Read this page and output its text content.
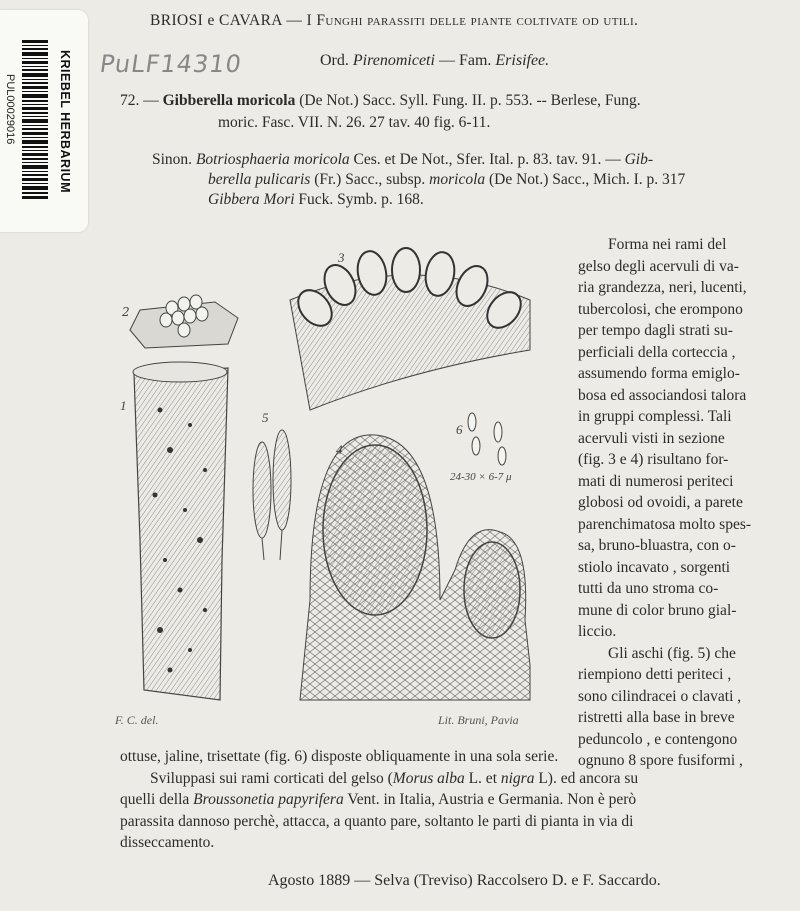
KRIEBEL HERBARIUM
PUL00029016
PuLF14310
BRIOSI e CAVARA — I Funghi parassiti delle piante coltivate od utili.
Ord. Pirenomiceti — Fam. Erisifee.
72. — Gibberella moricola (De Not.) Sacc. Syll. Fung. II. p. 553. -- Berlese, Fung.
moric. Fasc. VII. N. 26. 27 tav. 40 fig. 6-11.
Sinon. Botriosphaeria moricola Ces. et De Not., Sfer. Ital. p. 83. tav. 91. — Gib-
berella pulicaris (Fr.) Sacc., subsp. moricola (De Not.) Sacc., Mich. I. p. 317
Gibbera Mori Fuck. Symb. p. 168.
2
1
3
5
6
4
24-30 × 6-7 μ
F. C. del.	Lit. Bruni, Pavia
Forma nei rami del
gelso degli acervuli di va-
ria grandezza, neri, lucenti,
tubercolosi, che erompono
per tempo dagli strati su-
perficiali della corteccia ,
assumendo forma emiglo-
bosa ed associandosi talora
in gruppi complessi. Tali
acervuli visti in sezione
(fig. 3 e 4) risultano for-
mati di numerosi periteci
globosi od ovoidi, a parete
parenchimatosa molto spes-
sa, bruno-bluastra, con o-
stiolo incavato , sorgenti
tutti da uno stroma co-
mune di color bruno gial-
liccio.
Gli aschi (fig. 5) che
riempiono detti periteci ,
sono cilindracei o clavati ,
ristretti alla base in breve
peduncolo , e contengono
ognuno 8 spore fusiformi ,
ottuse, jaline, trisettate (fig. 6) disposte obliquamente in una sola serie.
Sviluppasi sui rami corticati del gelso (Morus alba L. et nigra L). ed ancora su
quelli della Broussonetia papyrifera Vent. in Italia, Austria e Germania. Non è però
parassita dannoso perchè, attacca, a quanto pare, soltanto le parti di pianta in via di
disseccamento.
Agosto 1889 — Selva (Treviso) Raccolsero D. e F. Saccardo.
